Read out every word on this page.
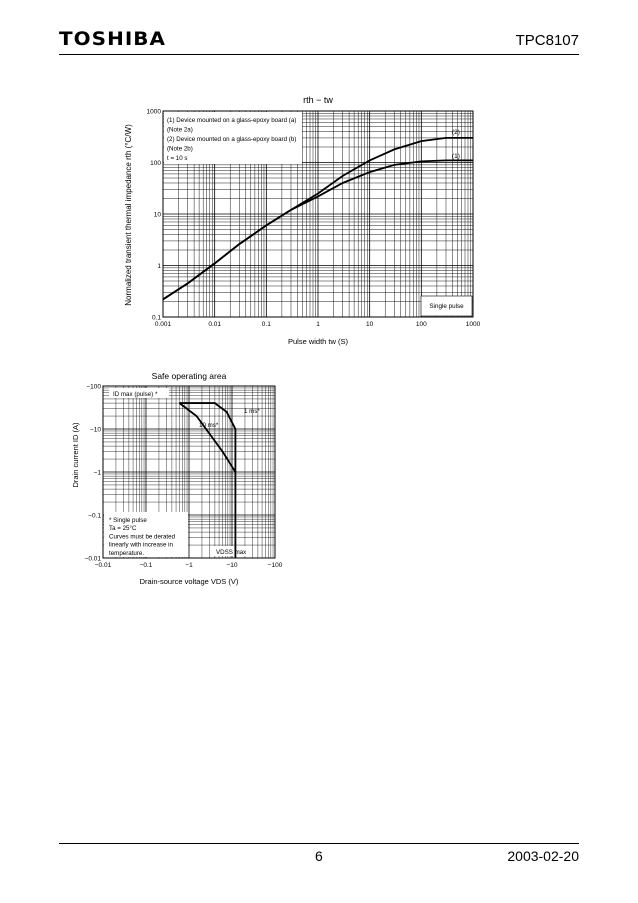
TOSHIBA	TPC8107
(1) Device mounted on a glass-epoxy board (a)
(Note 2a)
(2) Device mounted on a glass-epoxy board (b)
(Note 2b)
t = 10 s
Single pulse
(1)
(2)
0.001	0.01	0.1	1	10	100	1000
0.1
1
10
100
1000
rth − tw
Pulse width tw (S)
Normalized transient thermal impedance rth (°C/W)
ID max (pulse) *
1 ms*
10 ms*
VDSS max
* Single pulse
Ta = 25°C
Curves must be derated
linearly with increase in
temperature.
−0.01	−0.1	−1	−10	−100
−0.01
−0.1
−1
−10
−100
Safe operating area
Drain-source voltage VDS (V)
Drain current ID (A)
6	2003-02-20
